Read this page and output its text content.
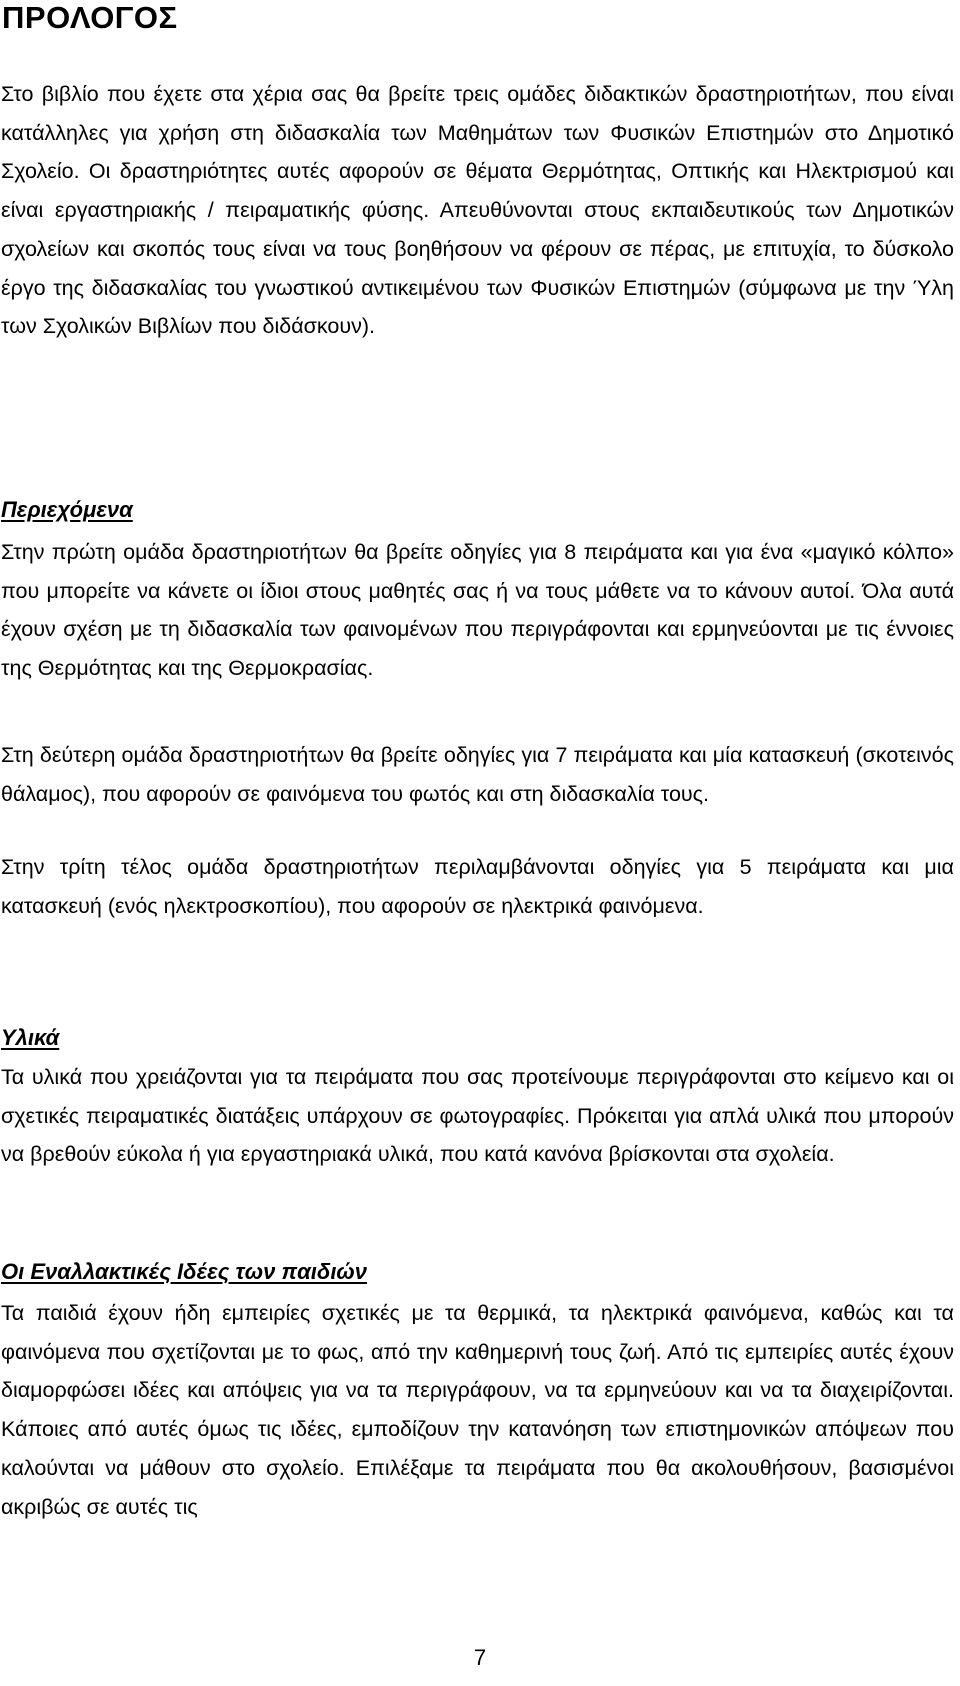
ΠΡΟΛΟΓΟΣ

Στο βιβλίο που έχετε στα χέρια σας θα βρείτε τρεις ομάδες διδακτικών δραστηριοτήτων, που είναι κατάλληλες για χρήση στη διδασκαλία των Μαθημάτων των Φυσικών Επιστημών στο Δημοτικό Σχολείο. Οι δραστηριότητες αυτές αφορούν σε θέματα Θερμότητας, Οπτικής και Ηλεκτρισμού και είναι εργαστηριακής / πειραματικής φύσης. Απευθύνονται στους εκπαιδευτικούς των Δημοτικών σχολείων και σκοπός τους είναι να τους βοηθήσουν να φέρουν σε πέρας, με επιτυχία, το δύσκολο έργο της διδασκαλίας του γνωστικού αντικειμένου των Φυσικών Επιστημών (σύμφωνα με την Ύλη των Σχολικών Βιβλίων που διδάσκουν).

Περιεχόμενα

Στην πρώτη ομάδα δραστηριοτήτων θα βρείτε οδηγίες για 8 πειράματα και για ένα «μαγικό κόλπο» που μπορείτε να κάνετε οι ίδιοι στους μαθητές σας ή να τους μάθετε να το κάνουν αυτοί. Όλα αυτά έχουν σχέση με τη διδασκαλία των φαινομένων που περιγράφονται και ερμηνεύονται με τις έννοιες της Θερμότητας και της Θερμοκρασίας.

Στη δεύτερη ομάδα δραστηριοτήτων θα βρείτε οδηγίες για 7 πειράματα και μία κατασκευή (σκοτεινός θάλαμος), που αφορούν σε φαινόμενα του φωτός και στη διδασκαλία τους.

Στην τρίτη τέλος ομάδα δραστηριοτήτων περιλαμβάνονται οδηγίες για 5 πειράματα και μια κατασκευή (ενός ηλεκτροσκοπίου), που αφορούν σε ηλεκτρικά φαινόμενα.

Υλικά

Τα υλικά που χρειάζονται για τα πειράματα που σας προτείνουμε περιγράφονται στο κείμενο και οι σχετικές πειραματικές διατάξεις υπάρχουν σε φωτογραφίες. Πρόκειται για απλά υλικά που μπορούν να βρεθούν εύκολα ή για εργαστηριακά υλικά, που κατά κανόνα βρίσκονται στα σχολεία.

Οι Εναλλακτικές Ιδέες των παιδιών

Τα παιδιά έχουν ήδη εμπειρίες σχετικές με τα θερμικά, τα ηλεκτρικά φαινόμενα, καθώς και τα φαινόμενα που σχετίζονται με το φως, από την καθημερινή τους ζωή. Από τις εμπειρίες αυτές έχουν διαμορφώσει ιδέες και απόψεις για να τα περιγράφουν, να τα ερμηνεύουν και να τα διαχειρίζονται. Κάποιες από αυτές όμως τις ιδέες, εμποδίζουν την κατανόηση των επιστημονικών απόψεων που καλούνται να μάθουν στο σχολείο. Επιλέξαμε τα πειράματα που θα ακολουθήσουν, βασισμένοι ακριβώς σε αυτές τις

7
